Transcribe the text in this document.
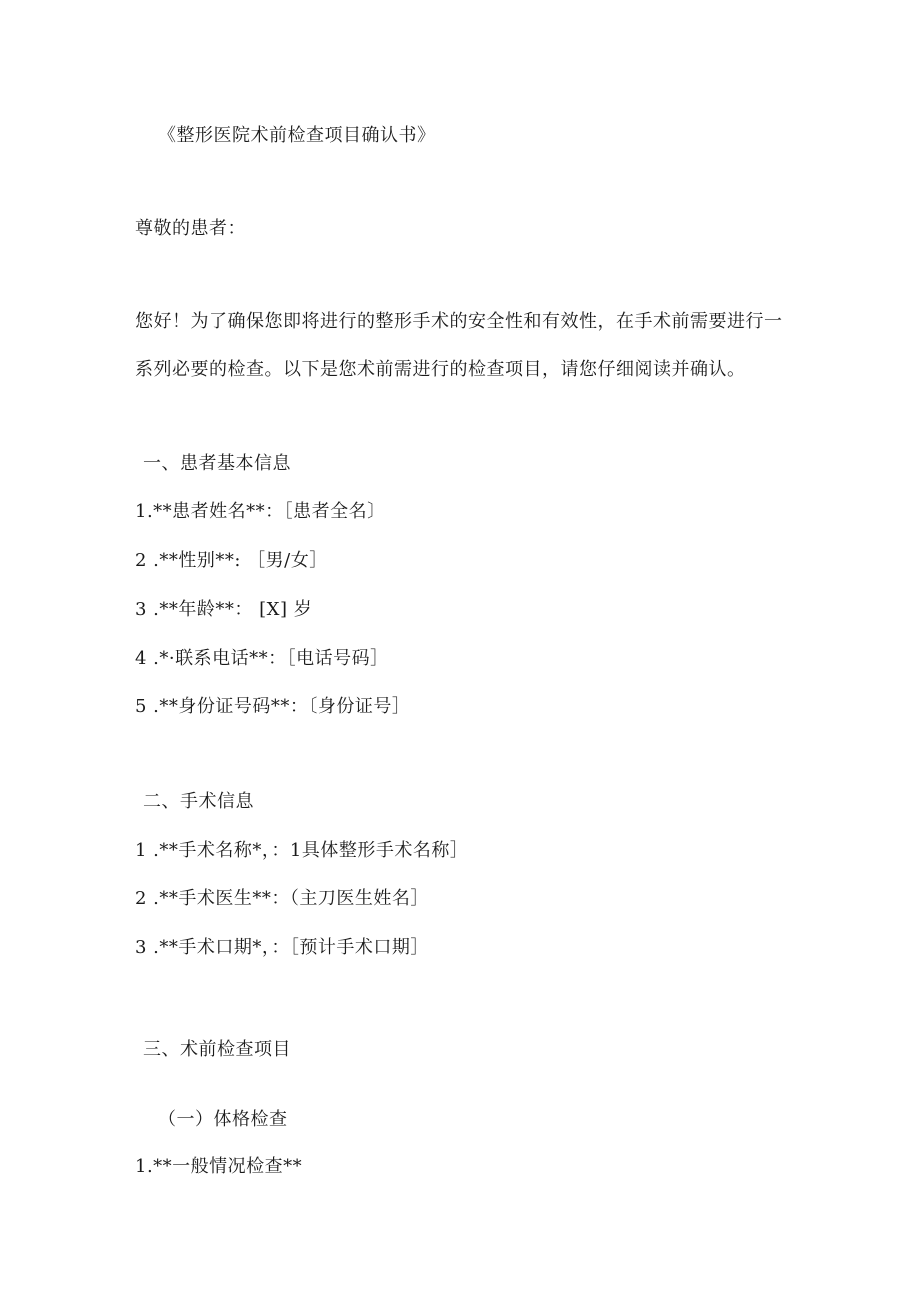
《整形医院术前检查项目确认书》
尊敬的患者：
您好！为了确保您即将进行的整形手术的安全性和有效性，在手术前需要进行一
系列必要的检查。以下是您术前需进行的检查项目，请您仔细阅读并确认。
一、患者基本信息
1.**患者姓名**：［患者全名〕
2 .**性别**: ［男/女］
3 .**年龄**： [X] 岁
4 .*·联系电话**：［电话号码］
5 .**身份证号码**：〔身份证号］
二、手术信息
1 .**手术名称*，：1具体整形手术名称］
2 .**手术医生**：（主刀医生姓名］
3 .**手术口期*，：［预计手术口期］
三、术前检查项目
（一）体格检查
1.**一般情况检查**
